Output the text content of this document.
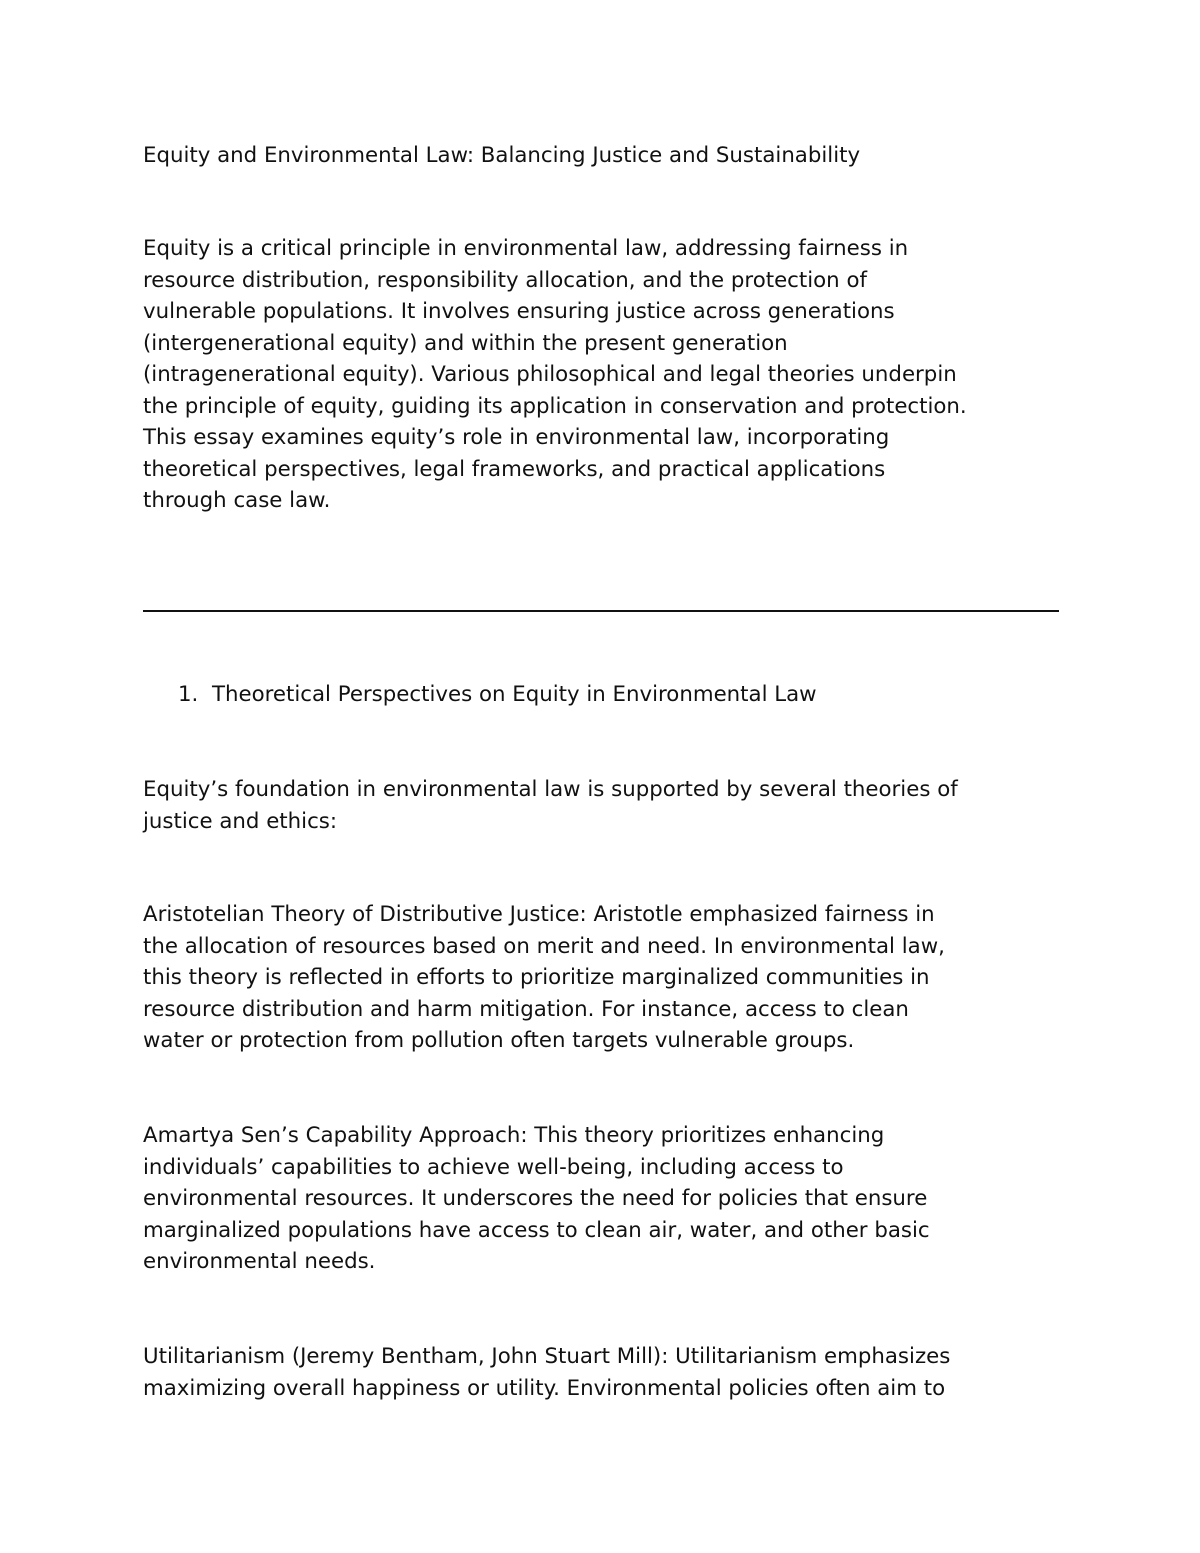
Equity and Environmental Law: Balancing Justice and Sustainability

Equity is a critical principle in environmental law, addressing fairness in
resource distribution, responsibility allocation, and the protection of
vulnerable populations. It involves ensuring justice across generations
(intergenerational equity) and within the present generation
(intragenerational equity). Various philosophical and legal theories underpin
the principle of equity, guiding its application in conservation and protection.
This essay examines equity’s role in environmental law, incorporating
theoretical perspectives, legal frameworks, and practical applications
through case law.

1. Theoretical Perspectives on Equity in Environmental Law

Equity’s foundation in environmental law is supported by several theories of
justice and ethics:

Aristotelian Theory of Distributive Justice: Aristotle emphasized fairness in
the allocation of resources based on merit and need. In environmental law,
this theory is reflected in efforts to prioritize marginalized communities in
resource distribution and harm mitigation. For instance, access to clean
water or protection from pollution often targets vulnerable groups.

Amartya Sen’s Capability Approach: This theory prioritizes enhancing
individuals’ capabilities to achieve well-being, including access to
environmental resources. It underscores the need for policies that ensure
marginalized populations have access to clean air, water, and other basic
environmental needs.

Utilitarianism (Jeremy Bentham, John Stuart Mill): Utilitarianism emphasizes
maximizing overall happiness or utility. Environmental policies often aim to
